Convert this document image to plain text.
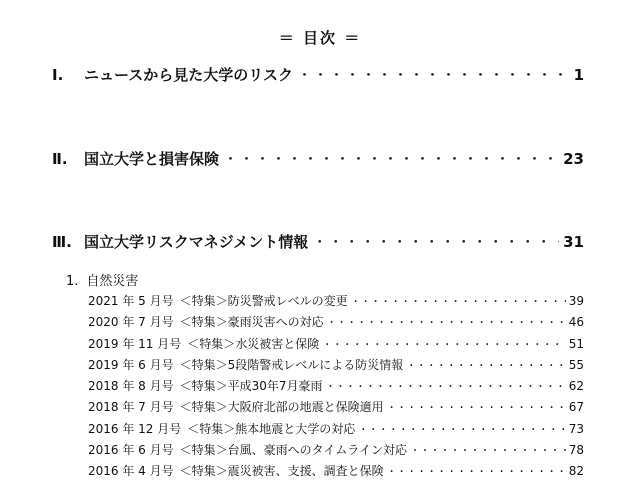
＝ 目次 ＝
Ⅰ.	ニュースから見た大学のリスク ・・・・・・・・・・・・・・・・・・・・・・・・・・・・・・・・・・・・・・・・・・・・・・・・・・・・・・・・・・・・・・・・・・・・・・・・・・・・・・・・・・・・・・・	1
Ⅱ.	国立大学と損害保険 ・・・・・・・・・・・・・・・・・・・・・・・・・・・・・・・・・・・・・・・・・・・・・・・・・・・・・・・・・・・・・・・・・・・・・・・・・・・・・・・・・・・・・・・	23
Ⅲ. 国立大学リスクマネジメント情報 ・・・・・・・・・・・・・・・・・・・・・・・・・・・・・・・・・・・・・・・・・・・・・・・・・・・・・・・・・・・・・・・・・・・・・・・・・・・・・・・・・・・・・・・	31
1. 自然災害
2021 年 5 月号 ＜特集＞ 防災警戒レベルの変更 ・・・・・・・・・・・・・・・・・・・・・・・・・・・・・・・・・・・・・・・・・・・・・・・・・・・・・・・・・・・・・・・・・・・・・・・・・・・・・・・・・・・・・・・	39
2020 年 7 月号 ＜特集＞ 豪雨災害への対応 ・・・・・・・・・・・・・・・・・・・・・・・・・・・・・・・・・・・・・・・・・・・・・・・・・・・・・・・・・・・・・・・・・・・・・・・・・・・・・・・・・・・・・・・	46
2019 年 11 月号 ＜特集＞ 水災被害と保険 ・・・・・・・・・・・・・・・・・・・・・・・・・・・・・・・・・・・・・・・・・・・・・・・・・・・・・・・・・・・・・・・・・・・・・・・・・・・・・・・・・・・・・・・	51
2019 年 6 月号 ＜特集＞ 5段階警戒レベルによる防災情報 ・・・・・・・・・・・・・・・・・・・・・・・・・・・・・・・・・・・・・・・・・・・・・・・・・・・・・・・・・・・・・・・・・・・・・・・・・・・・・・・・・・・・・・・	55
2018 年 8 月号 ＜特集＞ 平成30年7月豪雨 ・・・・・・・・・・・・・・・・・・・・・・・・・・・・・・・・・・・・・・・・・・・・・・・・・・・・・・・・・・・・・・・・・・・・・・・・・・・・・・・・・・・・・・・	62
2018 年 7 月号 ＜特集＞ 大阪府北部の地震と保険適用 ・・・・・・・・・・・・・・・・・・・・・・・・・・・・・・・・・・・・・・・・・・・・・・・・・・・・・・・・・・・・・・・・・・・・・・・・・・・・・・・・・・・・・・・	67
2016 年 12 月号 ＜特集＞ 熊本地震と大学の対応 ・・・・・・・・・・・・・・・・・・・・・・・・・・・・・・・・・・・・・・・・・・・・・・・・・・・・・・・・・・・・・・・・・・・・・・・・・・・・・・・・・・・・・・・	73
2016 年 6 月号 ＜特集＞ 台風、豪雨へのタイムライン対応 ・・・・・・・・・・・・・・・・・・・・・・・・・・・・・・・・・・・・・・・・・・・・・・・・・・・・・・・・・・・・・・・・・・・・・・・・・・・・・・・・・・・・・・・	78
2016 年 4 月号 ＜特集＞ 震災被害、支援、調査と保険 ・・・・・・・・・・・・・・・・・・・・・・・・・・・・・・・・・・・・・・・・・・・・・・・・・・・・・・・・・・・・・・・・・・・・・・・・・・・・・・・・・・・・・・・	82
